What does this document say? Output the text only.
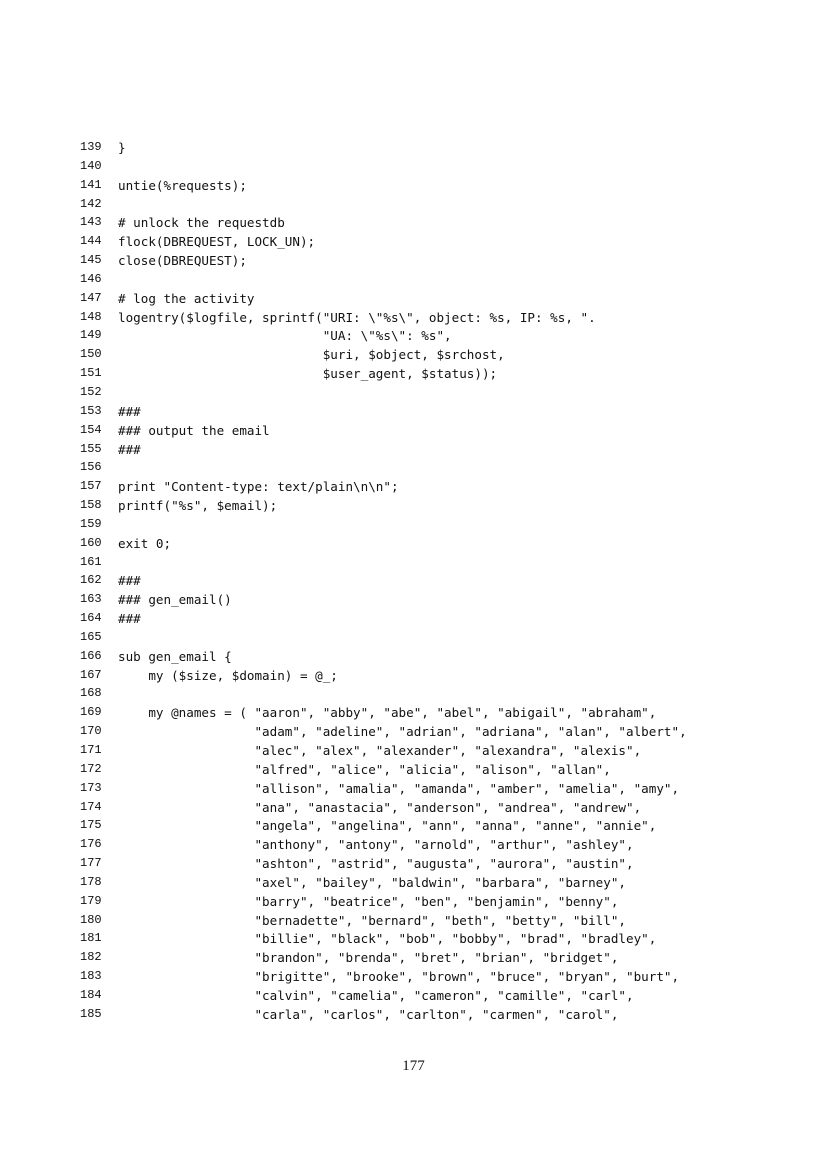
139 }
140
141 untie(%requests);
142
143 # unlock the requestdb
144 flock(DBREQUEST, LOCK_UN);
145 close(DBREQUEST);
146
147 # log the activity
148 logentry($logfile, sprintf("URI: \"%s\", object: %s, IP: %s, ".
149 "UA: \"%s\": %s",
150 $uri, $object, $srchost,
151 $user_agent, $status));
152
153 ###
154 ### output the email
155 ###
156
157 print "Content-type: text/plain\n\n";
158 printf("%s", $email);
159
160 exit 0;
161
162 ###
163 ### gen_email()
164 ###
165
166 sub gen_email {
167 my ($size, $domain) = @_;
168
169 my @names = ( "aaron", "abby", "abe", "abel", "abigail", "abraham",
170 "adam", "adeline", "adrian", "adriana", "alan", "albert",
171 "alec", "alex", "alexander", "alexandra", "alexis",
172 "alfred", "alice", "alicia", "alison", "allan",
173 "allison", "amalia", "amanda", "amber", "amelia", "amy",
174 "ana", "anastacia", "anderson", "andrea", "andrew",
175 "angela", "angelina", "ann", "anna", "anne", "annie",
176 "anthony", "antony", "arnold", "arthur", "ashley",
177 "ashton", "astrid", "augusta", "aurora", "austin",
178 "axel", "bailey", "baldwin", "barbara", "barney",
179 "barry", "beatrice", "ben", "benjamin", "benny",
180 "bernadette", "bernard", "beth", "betty", "bill",
181 "billie", "black", "bob", "bobby", "brad", "bradley",
182 "brandon", "brenda", "bret", "brian", "bridget",
183 "brigitte", "brooke", "brown", "bruce", "bryan", "burt",
184 "calvin", "camelia", "cameron", "camille", "carl",
185 "carla", "carlos", "carlton", "carmen", "carol",
177
